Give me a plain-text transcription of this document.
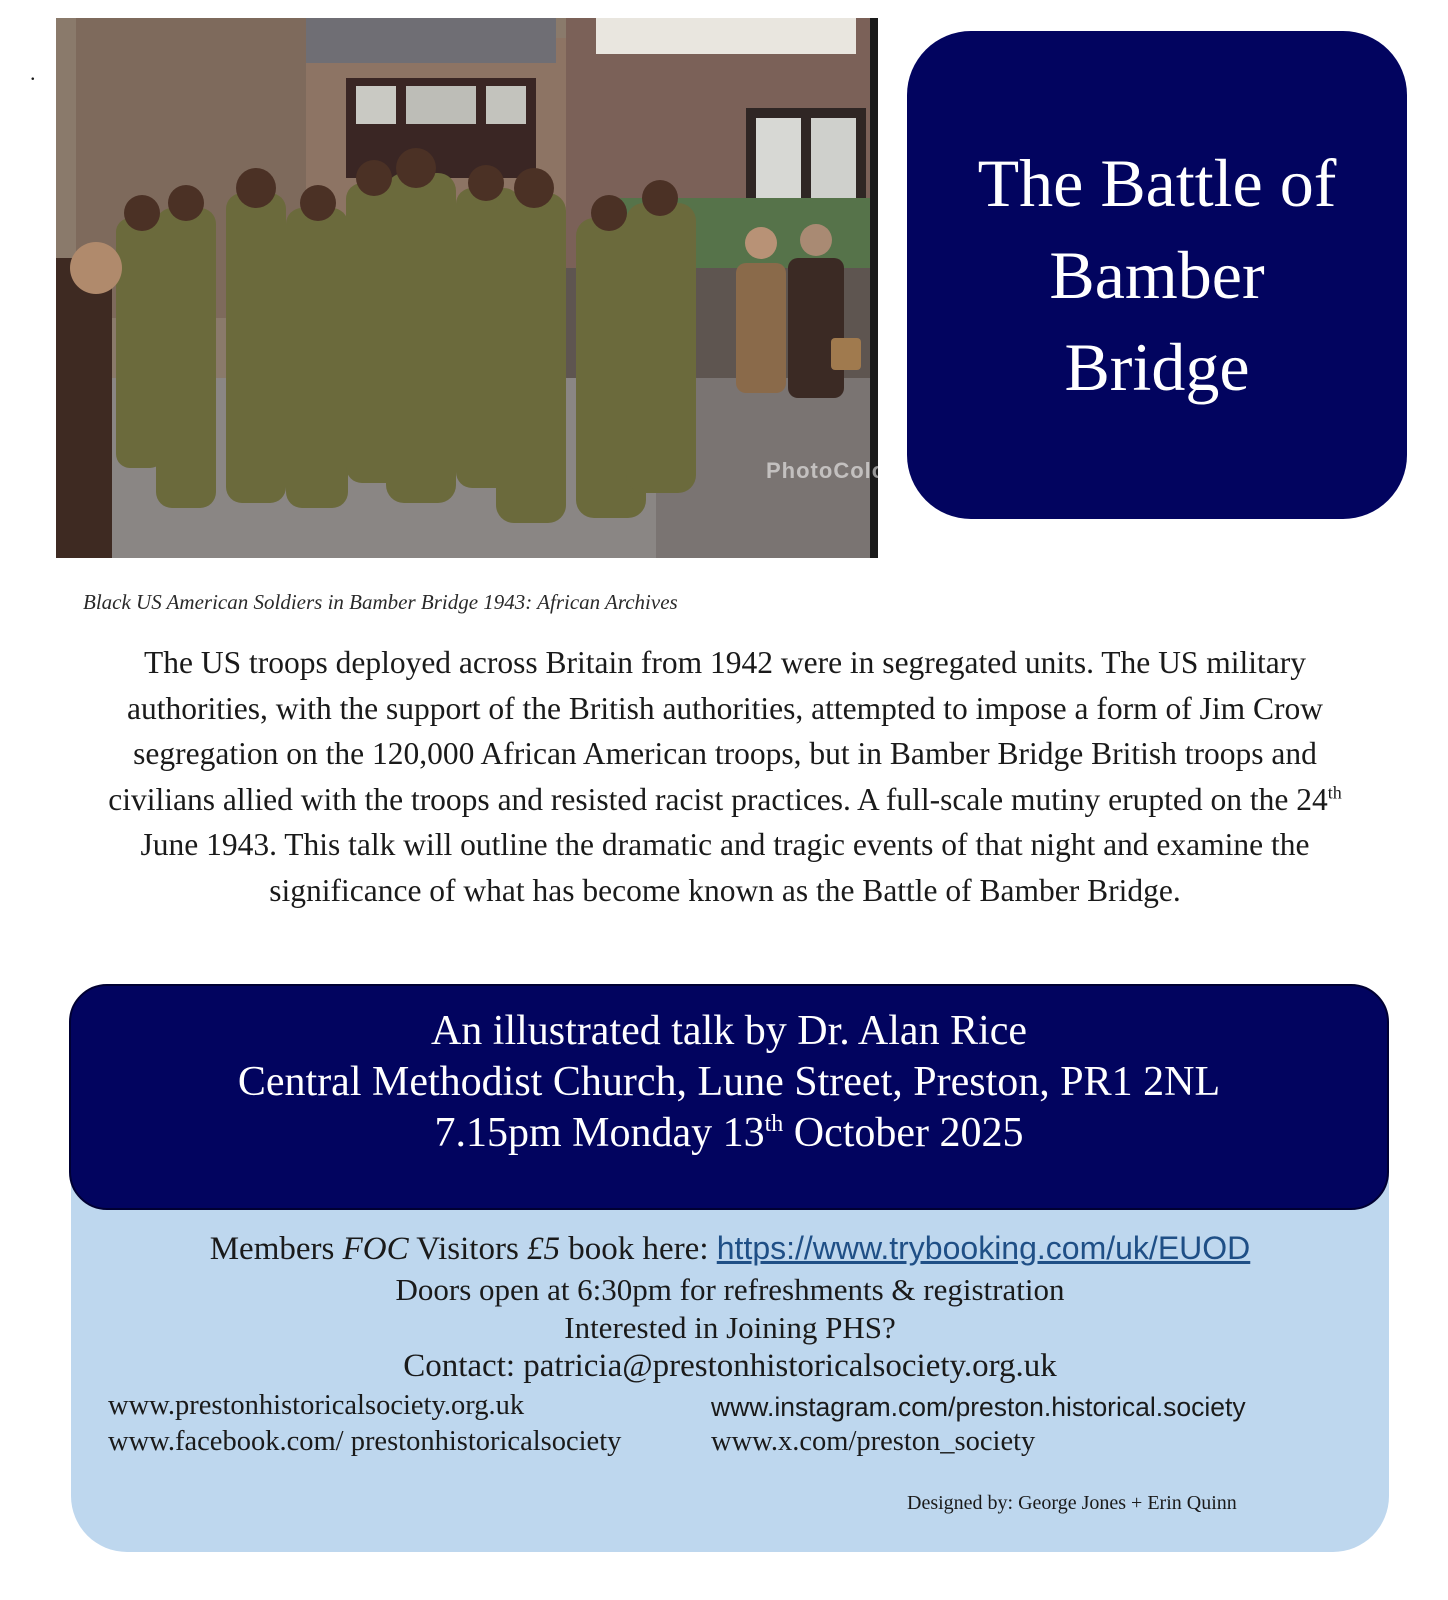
.
PhotoColor
The Battle of Bamber Bridge
Black US American Soldiers in Bamber Bridge 1943: African Archives

The US troops deployed across Britain from 1942 were in segregated units. The US military authorities, with the support of the British authorities, attempted to impose a form of Jim Crow segregation on the 120,000 African American troops, but in Bamber Bridge British troops and civilians allied with the troops and resisted racist practices. A full-scale mutiny erupted on the 24th June 1943. This talk will outline the dramatic and tragic events of that night and examine the significance of what has become known as the Battle of Bamber Bridge.

Members FOC Visitors £5 book here: https://www.trybooking.com/uk/EUOD
Doors open at 6:30pm for refreshments & registration
Interested in Joining PHS?
Contact: patricia@prestonhistoricalsociety.org.uk
www.prestonhistoricalsociety.org.uk	www.instagram.com/preston.historical.society
www.facebook.com/ prestonhistoricalsociety	www.x.com/preston_society
Designed by: George Jones + Erin Quinn
An illustrated talk by Dr. Alan Rice
Central Methodist Church, Lune Street, Preston, PR1 2NL
7.15pm Monday 13th October 2025
